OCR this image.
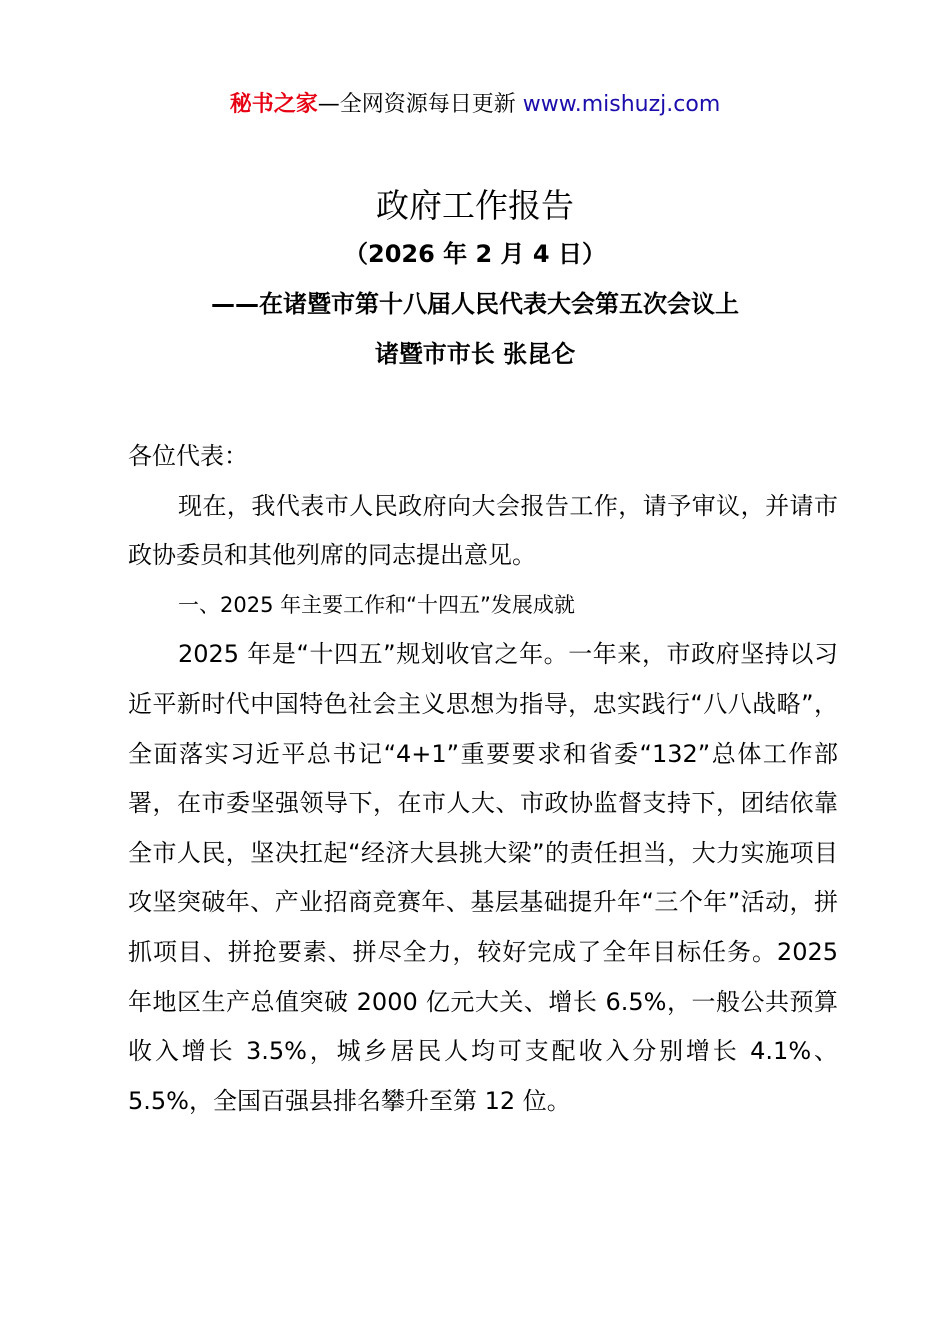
秘书之家—全网资源每日更新 www.mishuzj.com
政府工作报告
（2026 年 2 月 4 日）
——在诸暨市第十八届人民代表大会第五次会议上
诸暨市市长 张昆仑

各位代表：

现在，我代表市人民政府向大会报告工作，请予审议，并请市政协委员和其他列席的同志提出意见。

一、2025 年主要工作和“十四五”发展成就

2025 年是“十四五”规划收官之年。一年来，市政府坚持以习近平新时代中国特色社会主义思想为指导，忠实践行“八八战略”，全面落实习近平总书记“4+1”重要要求和省委“132”总体工作部署，在市委坚强领导下，在市人大、市政协监督支持下，团结依靠全市人民，坚决扛起“经济大县挑大梁”的责任担当，大力实施项目攻坚突破年、产业招商竞赛年、基层基础提升年“三个年”活动，拼抓项目、拼抢要素、拼尽全力，较好完成了全年目标任务。2025 年地区生产总值突破 2000 亿元大关、增长 6.5%，一般公共预算收入增长 3.5%，城乡居民人均可支配收入分别增长 4.1%、5.5%，全国百强县排名攀升至第 12 位。
